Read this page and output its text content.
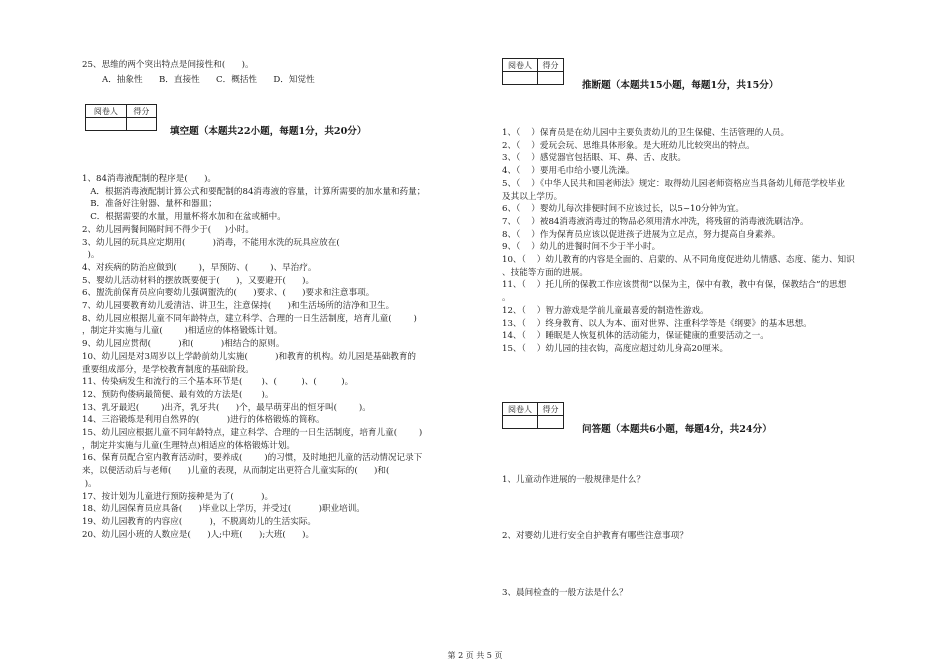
25、思维的两个突出特点是间接性和(      )。
A．抽象性      B．直接性      C．概括性      D．知觉性
阅卷人	得分

填空题（本题共22小题，每题1分，共20分）
1、84消毒液配制的程序是(      )。
A．根据消毒液配制计算公式和要配制的84消毒液的容量，计算所需要的加水量和药量；
B．准备好注射器、量杯和器皿；
C．根据需要的水量，用量杯将水加和在盆或桶中。
2、幼儿园两餐间隔时间不得少于(     )小时。
3、幼儿园的玩具应定期用(          )消毒，不能用水洗的玩具应放在(
)。
4、对疾病的防治应做到(        )，早预防、(        )、早治疗。
5、婴幼儿活动材料的摆放既要便于(      )，又要避开(      )。
6、盥洗前保育员应向婴幼儿强调盥洗的(      )要求、(      )要求和注意事项。
7、幼儿园要教育幼儿爱清洁、讲卫生，注意保持(      )和生活场所的洁净和卫生。
8、幼儿园应根据儿童不同年龄特点，建立科学、合理的一日生活制度，培育儿童(        )
，制定并实施与儿童(        )相适应的体格锻炼计划。
9、幼儿园应贯彻(          )和(          )相结合的原则。
10、幼儿园是对3周岁以上学龄前幼儿实施(          )和教育的机构。幼儿园是基础教育的
重要组成部分，是学校教育制度的基础阶段。
11、传染病发生和流行的三个基本环节是(       )、(         )、(         )。
12、预防佝偻病最简便、最有效的方法是(       )。
13、乳牙最迟(        )出齐，乳牙共(      )个，最早萌芽出的恒牙叫(        )。
14、三浴锻炼是利用自然界的(          )进行的体格锻炼的简称。
15、幼儿园应根据儿童不同年龄特点，建立科学、合理的一日生活制度，培育儿童(        )
，制定并实施与儿童(生理特点)相适应的体格锻炼计划。
16、保育员配合室内教育活动时，要养成(        )的习惯，及时地把儿童的活动情况记录下
来，以便活动后与老师(      )儿童的表现，从而制定出更符合儿童实际的(      )和(
)。
17、按计划为儿童进行预防接种是为了(          )。
18、幼儿园保育员应具备(      )毕业以上学历，并受过(          )职业培训。
19、幼儿园教育的内容应(          )，不脱离幼儿的生活实际。
20、幼儿园小班的人数应是(      )人;中班(      );大班(      )。
阅卷人	得分

推断题（本题共15小题，每题1分，共15分）
1、（    ）保育员是在幼儿园中主要负责幼儿的卫生保健、生活管理的人员。
2、（    ）爱玩会玩、思维具体形象。是大班幼儿比较突出的特点。
3、（    ）感觉器官包括眼、耳、鼻、舌、皮肤。
4、（    ）要用毛巾给小婴儿洗澡。
5、（    ）《中华人民共和国老师法》规定：取得幼儿园老师资格应当具备幼儿师范学校毕业
及其以上学历。
6、（    ）婴幼儿每次排便时间不应该过长，以5~10分钟为宜。
7、（    ）被84消毒液消毒过的物品必须用清水冲洗，将残留的消毒液洗刷洁净。
8、（    ）作为保育员应该以促进孩子进展为立足点，努力提高自身素养。
9、（    ）幼儿的进餐时间不少于半小时。
10、（    ）幼儿教育的内容是全面的、启蒙的、从不同角度促进幼儿情感、态度、能力、知识
、技能等方面的进展。
11、（    ）托儿所的保教工作应该贯彻“以保为主，保中有教，教中有保，保教结合”的思想
。
12、（    ）智力游戏是学前儿童最喜爱的制造性游戏。
13、（    ）终身教育、以人为本、面对世界、注重科学等是《纲要》的基本思想。
14、（    ）睡眠是人恢复机体的活动能力，保证健康的重要活动之一。
15、（    ）幼儿园的挂衣钩，高度应超过幼儿身高20厘米。
阅卷人	得分

问答题（本题共6小题，每题4分，共24分）
1、儿童动作进展的一般规律是什么？
2、对婴幼儿进行安全自护教育有哪些注意事项？
3、晨间检查的一般方法是什么？
第 2 页 共 5 页
